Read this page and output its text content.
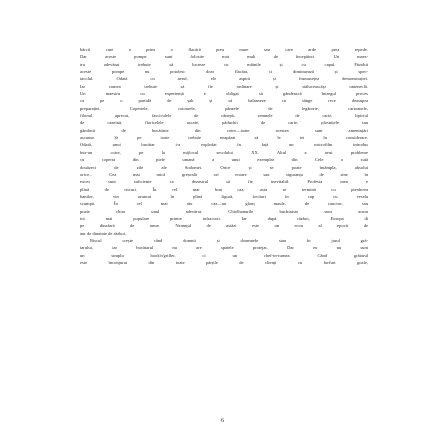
bărcii care a prins o flacără prea mare sau care arde prea repede.
Dar aceste pompe sunt folosite mai mult de începători. Un maes-
tru adevărat trebuie să lucreze cu mâinile și cu capul. Fiindcă
aceste pompe nu potolesc doar flacăra, ci diminuează și spec-
tacolul. Odată cu aerul, ele aspiră și frumusețea demonstrației.
Iar carnea trebuie să fie ordinare și stăluceascăși umeneclă.
Un maestru cu experiență e obligat să gândească întregul proces
ca pe o partidă de șah și să balanseze cu sânge rece deasupra
preparației. Copertele, cotoarele, pânzele de legătorie, cartoanele,
filonul aprecat, fasciculele de cânepă, semnele de carte, lipiciul
de cazeină, floricelele uscate, păduchii de carte, plosnițele sau
gândacii de bucătărie din cotor—toate acestea sunt amenințări
ascunse. Și pe toate trebuie neapărat să le iei în considerare.
Odată, unui bucătar i-a explodat în față un microfilm introdus
într-un cotor, pe la mijlocul secolului XX. Altul a avut probleme
cu coperta din piele umană a unui exemplar din Cele o sută
douăzeci de zile ale Sodomei. Orice și se poate întâmpla, absolut
orice... Cea mai mică greșeală ori eroare sau siguranța de sine în
exces sunt suficiente ca dezastrul să fie inevitabil. Profesia mea e
plină de riscuri. În cel mai bun caz, asta se termină cu pierderea
banilor, vin aruncat în plină figură, lovituri în cap cu vesela
scumpă. În cel mai rău caz—un glonț maule, de cauciuc, sau
poate chiar unul adevărat. Chiolhanurile buchiniste sunt acum
tot mai populare printre infractori. Iar după război, Europa di
pe dinafară de arme. Neamţul de astăzi este un ecou al epocii de
aur de dinainte de război,
Riscul crește când domnii și doamnele stau în jurul gră-
tarului, iar bucătarul nu are spatele protejat. Dar eu nu sunt
un simplu book'n'griller, ci un chef-in-turnea. Când grătarul
este înconjurat din toate părțile de clienți cu furfuri goale,
6
